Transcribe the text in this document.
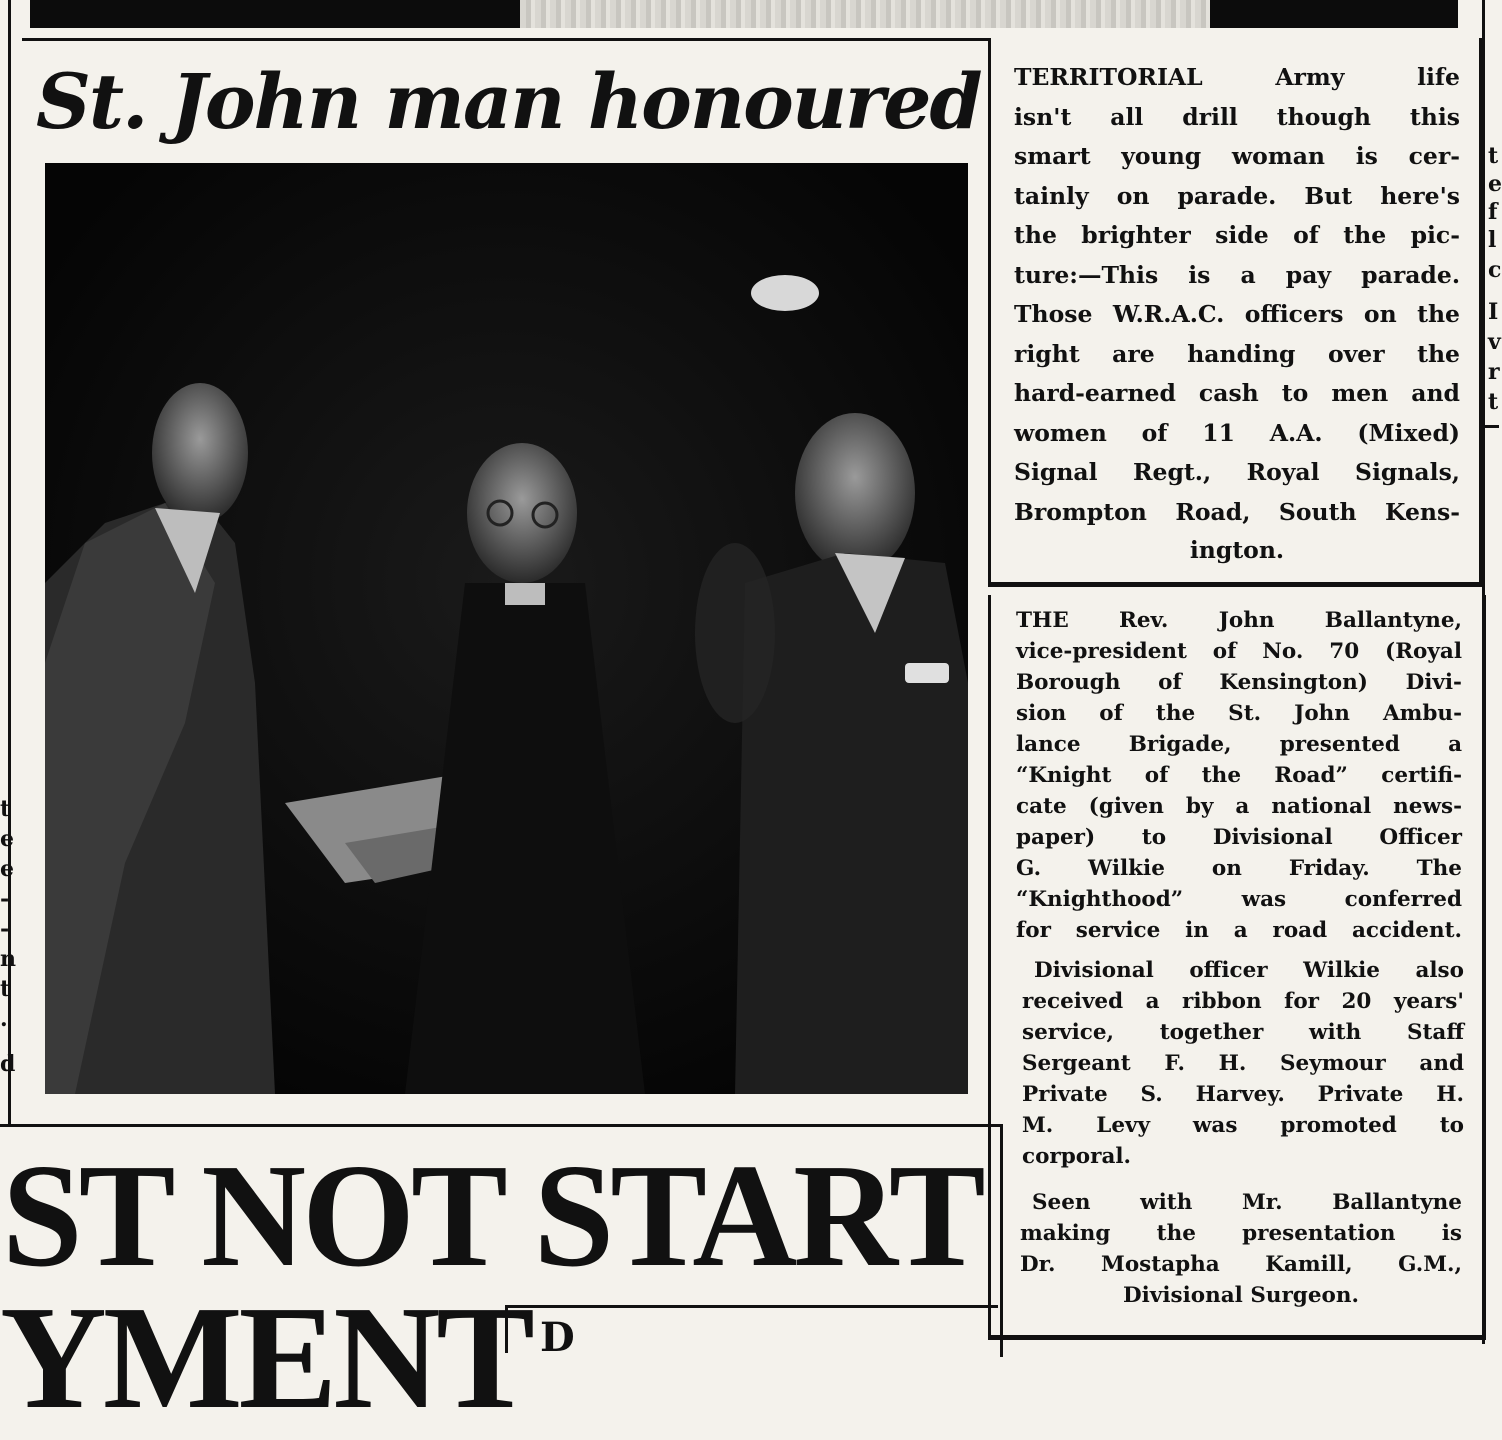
St. John man honoured
t
e
e
-
-
n
t
.
d
t
e
f
l
c
I
v
r
t
TERRITORIAL Army life
isn't all drill though this
smart young woman is cer-
tainly on parade. But here's
the brighter side of the pic-
ture:—This is a pay parade.
Those W.R.A.C. officers on the
right are handing over the
hard-earned cash to men and
women of 11 A.A. (Mixed)
Signal Regt., Royal Signals,
Brompton Road, South Kens-
ington.
THE Rev. John Ballantyne,
vice-president of No. 70 (Royal
Borough of Kensington) Divi-
sion of the St. John Ambu-
lance Brigade, presented a
“Knight of the Road” certifi-
cate (given by a national news-
paper) to Divisional Officer
G. Wilkie on Friday. The
“Knighthood” was conferred
for service in a road accident.
Divisional officer Wilkie also
received a ribbon for 20 years'
service, together with Staff
Sergeant F. H. Seymour and
Private S. Harvey. Private H.
M. Levy was promoted to
corporal.
Seen with Mr. Ballantyne
making the presentation is
Dr. Mostapha Kamill, G.M.,
Divisional Surgeon.
ST NOT START
YMENT D
